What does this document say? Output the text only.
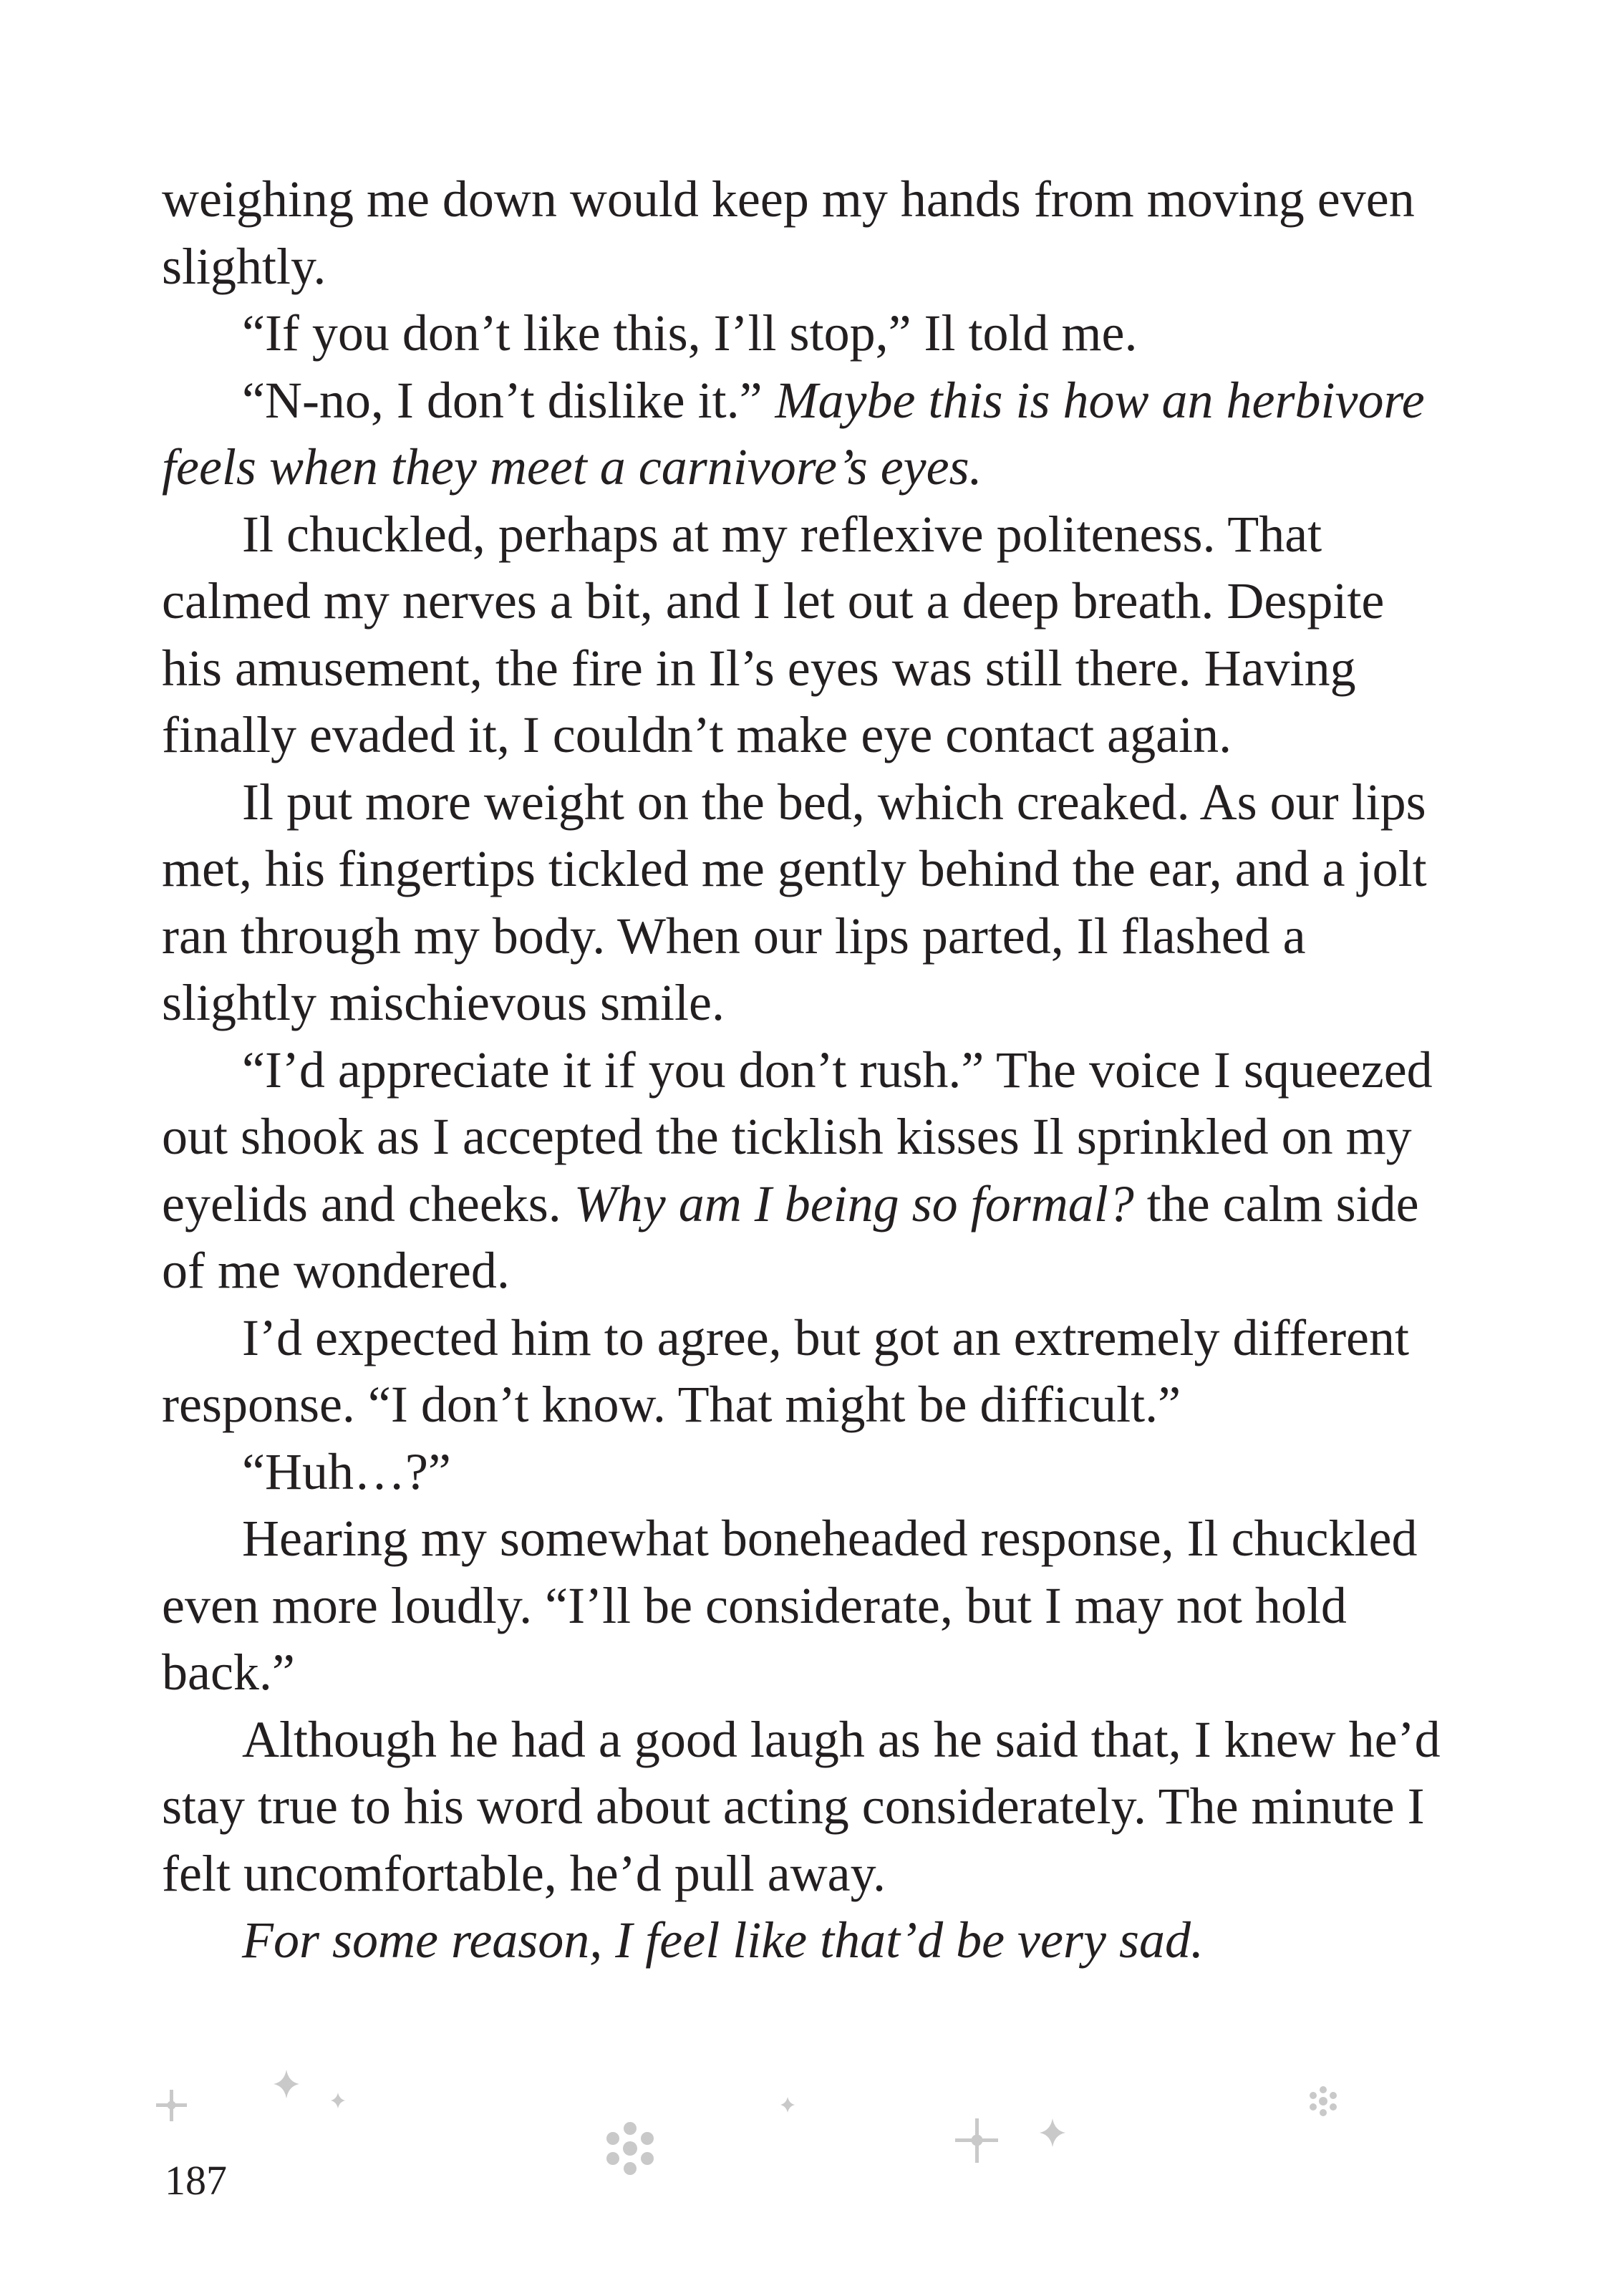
weighing me down would keep my hands from moving even slightly.

“If you don’t like this, I’ll stop,” Il told me.

“N-no, I don’t dislike it.” Maybe this is how an herbivore feels when they meet a carnivore’s eyes.

Il chuckled, perhaps at my reflexive politeness. That calmed my nerves a bit, and I let out a deep breath. Despite his amusement, the fire in Il’s eyes was still there. Having finally evaded it, I couldn’t make eye contact again.

Il put more weight on the bed, which creaked. As our lips met, his fingertips tickled me gently behind the ear, and a jolt ran through my body. When our lips parted, Il flashed a slightly mischievous smile.

“I’d appreciate it if you don’t rush.” The voice I squeezed out shook as I accepted the ticklish kisses Il sprinkled on my eyelids and cheeks. Why am I being so formal? the calm side of me wondered.

I’d expected him to agree, but got an extremely different response. “I don’t know. That might be difficult.”

“Huh…?”

Hearing my somewhat boneheaded response, Il chuckled even more loudly. “I’ll be considerate, but I may not hold back.”

Although he had a good laugh as he said that, I knew he’d stay true to his word about acting considerately. The minute I felt uncomfortable, he’d pull away.

For some reason, I feel like that’d be very sad.

187
